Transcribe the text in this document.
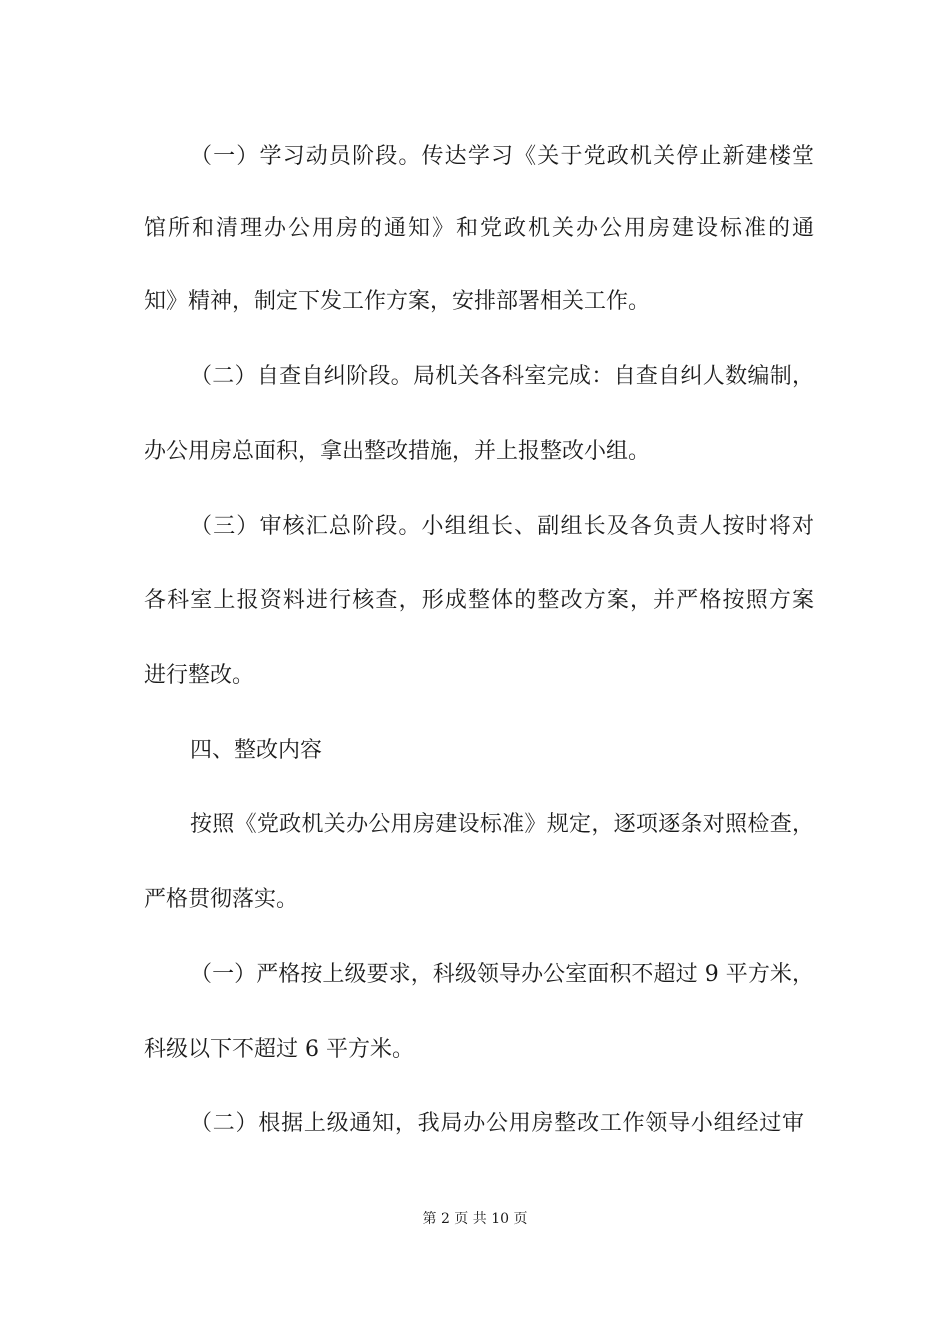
（一）学习动员阶段。传达学习《关于党政机关停止新建楼堂
馆所和清理办公用房的通知》和党政机关办公用房建设标准的通
知》精神，制定下发工作方案，安排部署相关工作。
（二）自查自纠阶段。局机关各科室完成：自查自纠人数编制，
办公用房总面积，拿出整改措施，并上报整改小组。
（三）审核汇总阶段。小组组长、副组长及各负责人按时将对
各科室上报资料进行核查，形成整体的整改方案，并严格按照方案
进行整改。
四、整改内容
按照《党政机关办公用房建设标准》规定，逐项逐条对照检查，
严格贯彻落实。
（一）严格按上级要求，科级领导办公室面积不超过 9 平方米，
科级以下不超过 6 平方米。
（二）根据上级通知，我局办公用房整改工作领导小组经过审
第 2 页 共 10 页
